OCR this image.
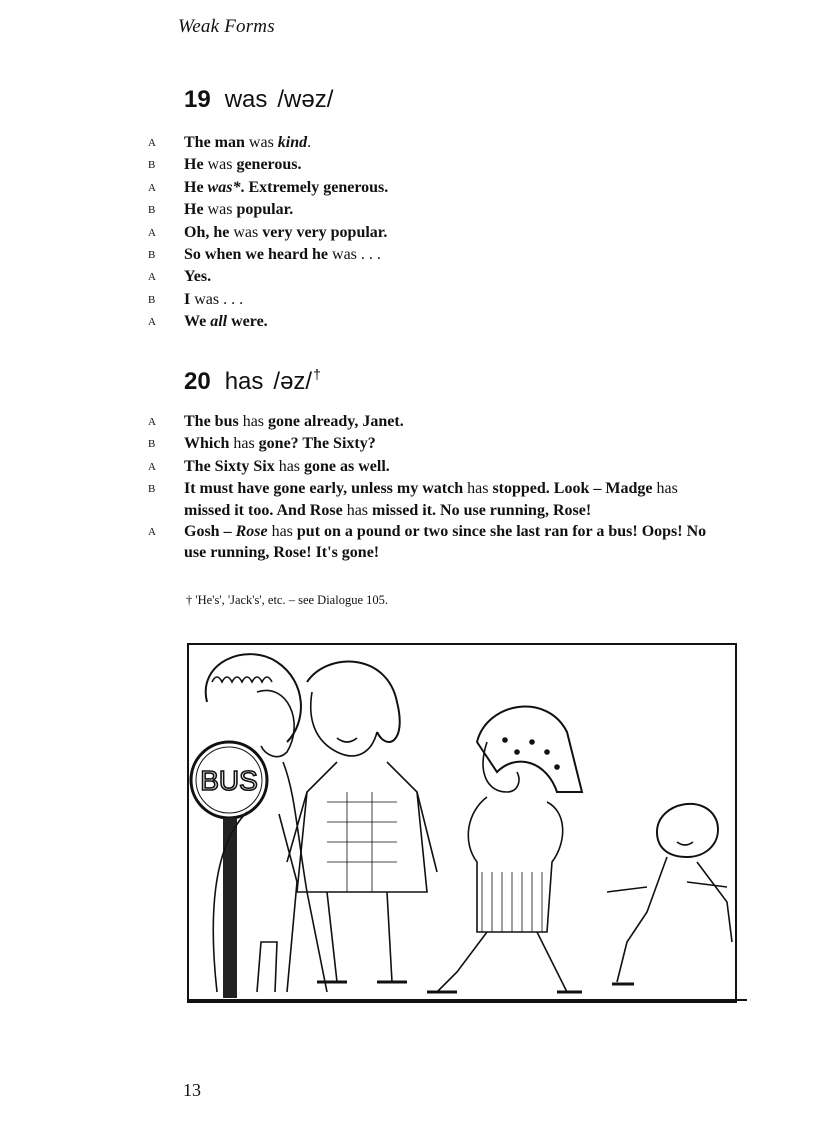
Weak Forms
19 was /wəz/
A	The man was kind.
B	He was generous.
A	He was*. Extremely generous.
B	He was popular.
A	Oh, he was very very popular.
B	So when we heard he was . . .
A	Yes.
B	I was . . .
A	We all were.
20 has /əz/†
A	The bus has gone already, Janet.
B	Which has gone? The Sixty?
A	The Sixty Six has gone as well.
B	It must have gone early, unless my watch has stopped. Look – Madge has missed it too. And Rose has missed it. No use running, Rose!
A	Gosh – Rose has put on a pound or two since she last ran for a bus! Oops! No use running, Rose! It's gone!
† 'He's', 'Jack's', etc. – see Dialogue 105.
BUS
13
